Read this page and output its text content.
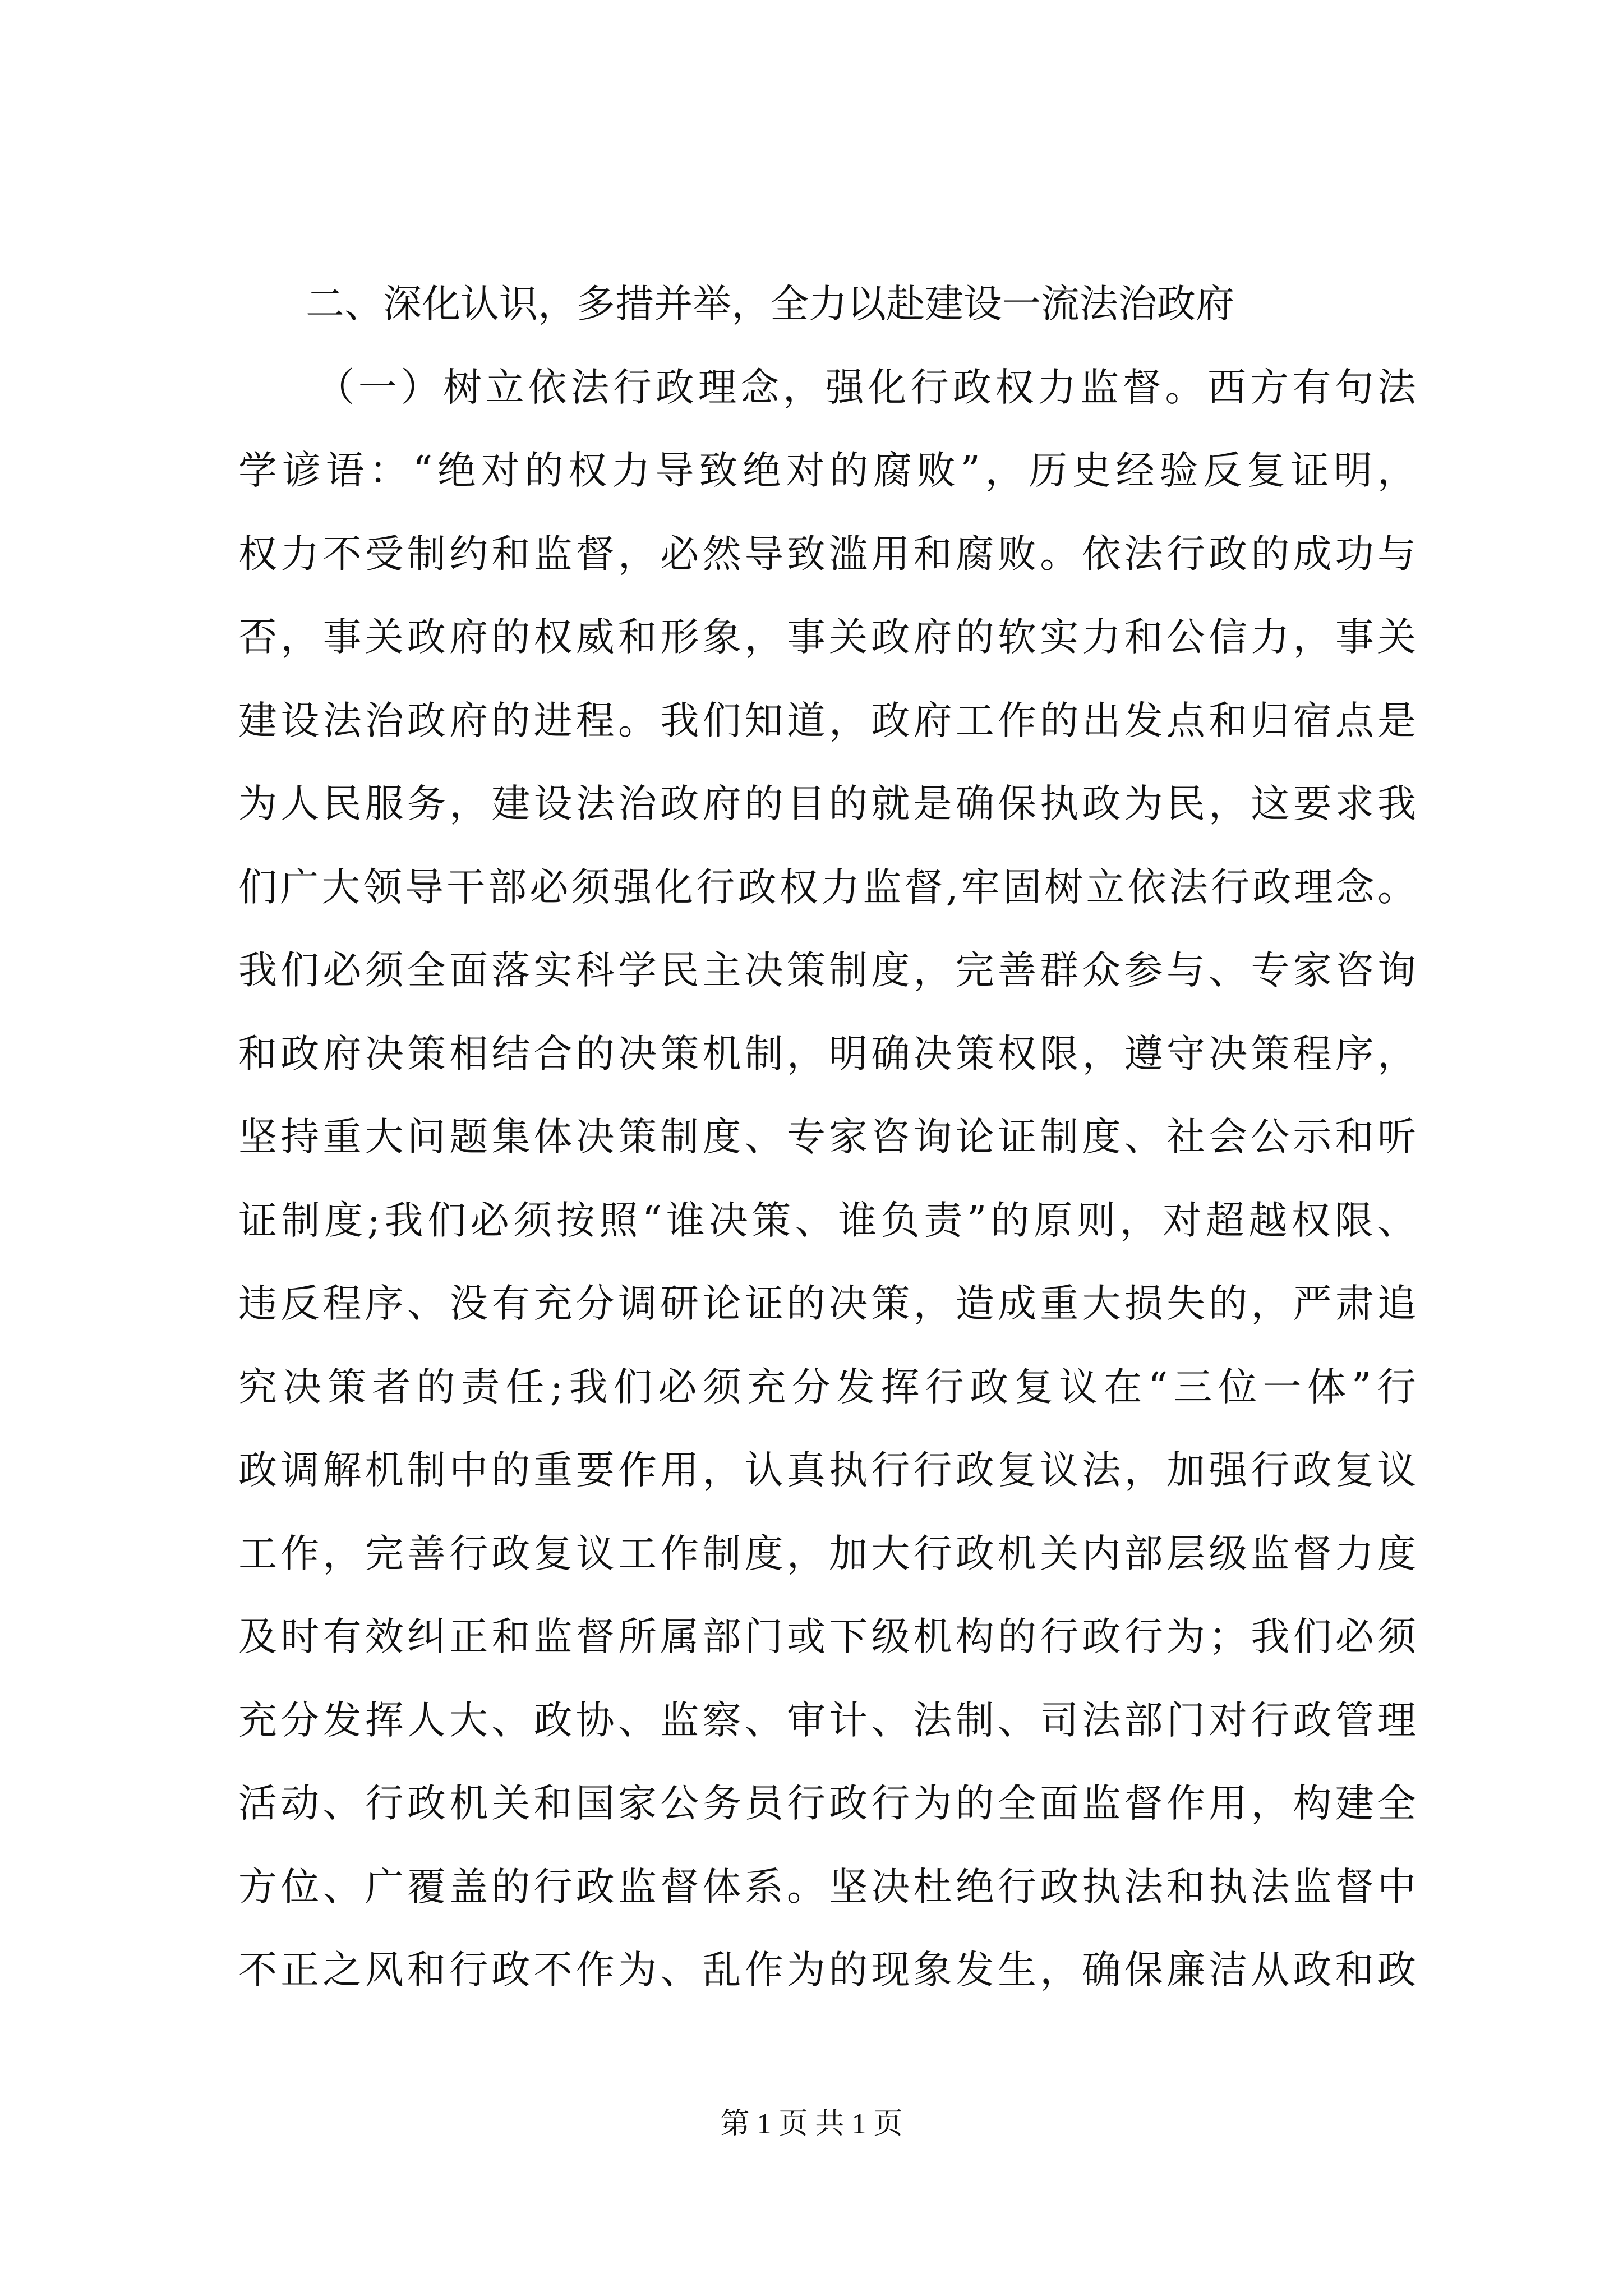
二、深化认识，多措并举，全力以赴建设一流法治政府
（一）树立依法行政理念，强化行政权力监督。西方有句法
学谚语：“绝对的权力导致绝对的腐败”，历史经验反复证明，
权力不受制约和监督，必然导致滥用和腐败。依法行政的成功与
否，事关政府的权威和形象，事关政府的软实力和公信力，事关
建设法治政府的进程。我们知道，政府工作的出发点和归宿点是
为人民服务，建设法治政府的目的就是确保执政为民，这要求我
们广大领导干部必须强化行政权力监督,牢固树立依法行政理念。
我们必须全面落实科学民主决策制度，完善群众参与、专家咨询
和政府决策相结合的决策机制，明确决策权限，遵守决策程序，
坚持重大问题集体决策制度、专家咨询论证制度、社会公示和听
证制度;我们必须按照“谁决策、谁负责”的原则，对超越权限、
违反程序、没有充分调研论证的决策，造成重大损失的，严肃追
究决策者的责任;我们必须充分发挥行政复议在“三位一体”行
政调解机制中的重要作用，认真执行行政复议法，加强行政复议
工作，完善行政复议工作制度，加大行政机关内部层级监督力度
及时有效纠正和监督所属部门或下级机构的行政行为；我们必须
充分发挥人大、政协、监察、审计、法制、司法部门对行政管理
活动、行政机关和国家公务员行政行为的全面监督作用，构建全
方位、广覆盖的行政监督体系。坚决杜绝行政执法和执法监督中
不正之风和行政不作为、乱作为的现象发生，确保廉洁从政和政
第 1 页 共 1 页
